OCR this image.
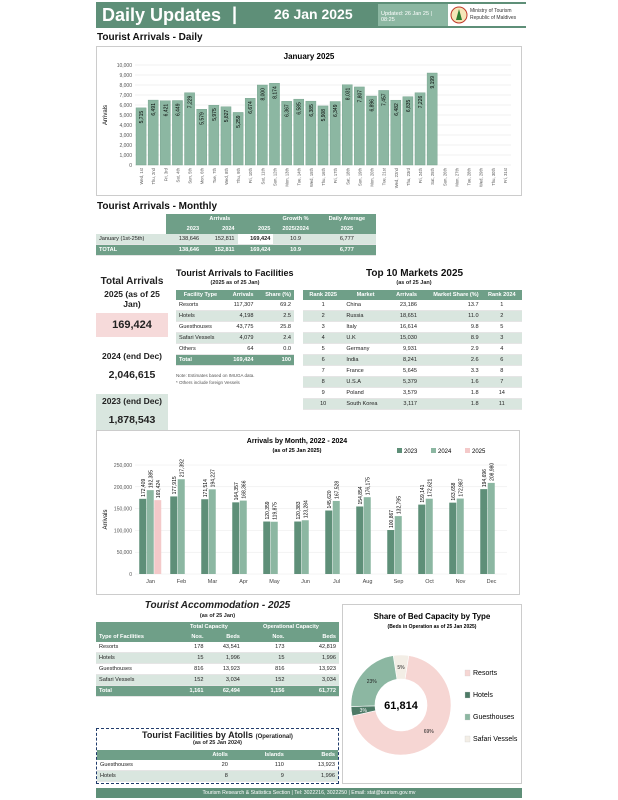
Daily Updates |	26 Jan 2025	Updated: 26 Jan 25 | 08:25
Ministry of Tourism
Republic of Maldives
Tourist Arrivals - Daily
January 2025
Arrivals
0
1,000
2,000
3,000
4,000
5,000
6,000
7,000
8,000
9,000
10,000
5,715
Wed, 1st
6,491
Thu, 2nd
6,421
Fri, 3rd
6,449
Sat, 4th
7,229
Sun, 5th
5,579
Mon, 6th
5,975
Tue, 7th
5,827
Wed, 8th
5,259
Thu, 9th
6,674
Fri, 10th
8,000
Sat, 11th
8,174
Sun, 12th
6,367
Mon, 13th
6,585
Tue, 14th
6,385
Wed, 15th
5,908
Thu, 16th
6,349
Fri, 17th
8,031
Sat, 18th
7,807
Sun, 19th
6,896
Mon, 20th
7,457
Tue, 21st
6,482
Wed, 22nd
6,835
Thu, 23rd
7,226
Fri, 24th
9,199
Sat, 25th Sun, 26th Mon, 27th Tue, 28th Wed, 29th Thu, 30th Fri, 31st
Tourist Arrivals - Monthly
	Arrivals			Growth %	Daily Average
	2023	2024	2025	2025/2024	2025
January (1st-25th)	138,646	152,811	169,424	10.9	6,777
TOTAL	138,646	152,811	169,424	10.9	6,777
Total Arrivals
2025 (as of 25 Jan)
169,424
2024 (end Dec)
2,046,615
2023 (end Dec)
1,878,543
Tourist Arrivals to Facilities
(2025 as of 25 Jan)
Facility Type	Arrivals	Share (%)
Resorts	117,307	69.2
Hotels	4,198	2.5
Guesthouses	43,775	25.8
Safari Vessels	4,079	2.4
Others	64	0.0
Total	169,424	100
Note: Estimates based on IMUGA data.
* Others include foreign Vessels
Top 10 Markets 2025
(as of 25 Jan)
Rank 2025	Market	Arrivals	Market Share (%)	Rank 2024
1	China	23,186	13.7	1
2	Russia	18,651	11.0	2
3	Italy	16,614	9.8	5
4	U.K	15,030	8.9	3
5	Germany	9,931	2.9	4
6	India	8,241	2.6	6
7	France	5,645	3.3	8
8	U.S.A	5,379	1.6	7
9	Poland	3,579	1.8	14
10	South Korea	3,117	1.8	11
Arrivals by Month, 2022 - 2024
(as of 25 Jan 2025)	2023	2024	2025
Arrivals
0
50,000
100,000
150,000
200,000
250,000
172,409 192,385
169,424
Jan
177,915
217,392
Feb
171,514
194,227
Mar
164,357 168,366
Apr
120,359 119,875
May
120,383 123,284
Jun
145,620
167,528
Jul
154,854
176,175
Aug
100,867
132,795
Sep
159,141 172,621
Oct
163,658 172,987
Nov
194,696 208,980
Dec
Tourist Accommodation - 2025
(as of 25 Jan)
	Total Capacity		Operational Capacity	
Type of Facilities	Nos.	Beds	Nos.	Beds
Resorts	178	43,541	173	42,819
Hotels	15	1,996	15	1,996
Guesthouses	816	13,923	816	13,923
Safari Vessels	152	3,034	152	3,034
Total	1,161	62,494	1,156	61,772
Share of Bed Capacity by Type
(Beds in Operation as of 25 Jan 2025)
5%
69%
3%
23%
61,814
Resorts
Hotels
Guesthouses
Safari Vessels
Tourist Facilities by Atolls (Operational)
(as of 25 Jan 2024)
	Atolls	Islands	Beds
Guesthouses	20	110	13,923
Hotels	8	9	1,996
Tourism Research & Statistics Section | Tel: 3022216, 3022250 | Email: stat@tourism.gov.mv
